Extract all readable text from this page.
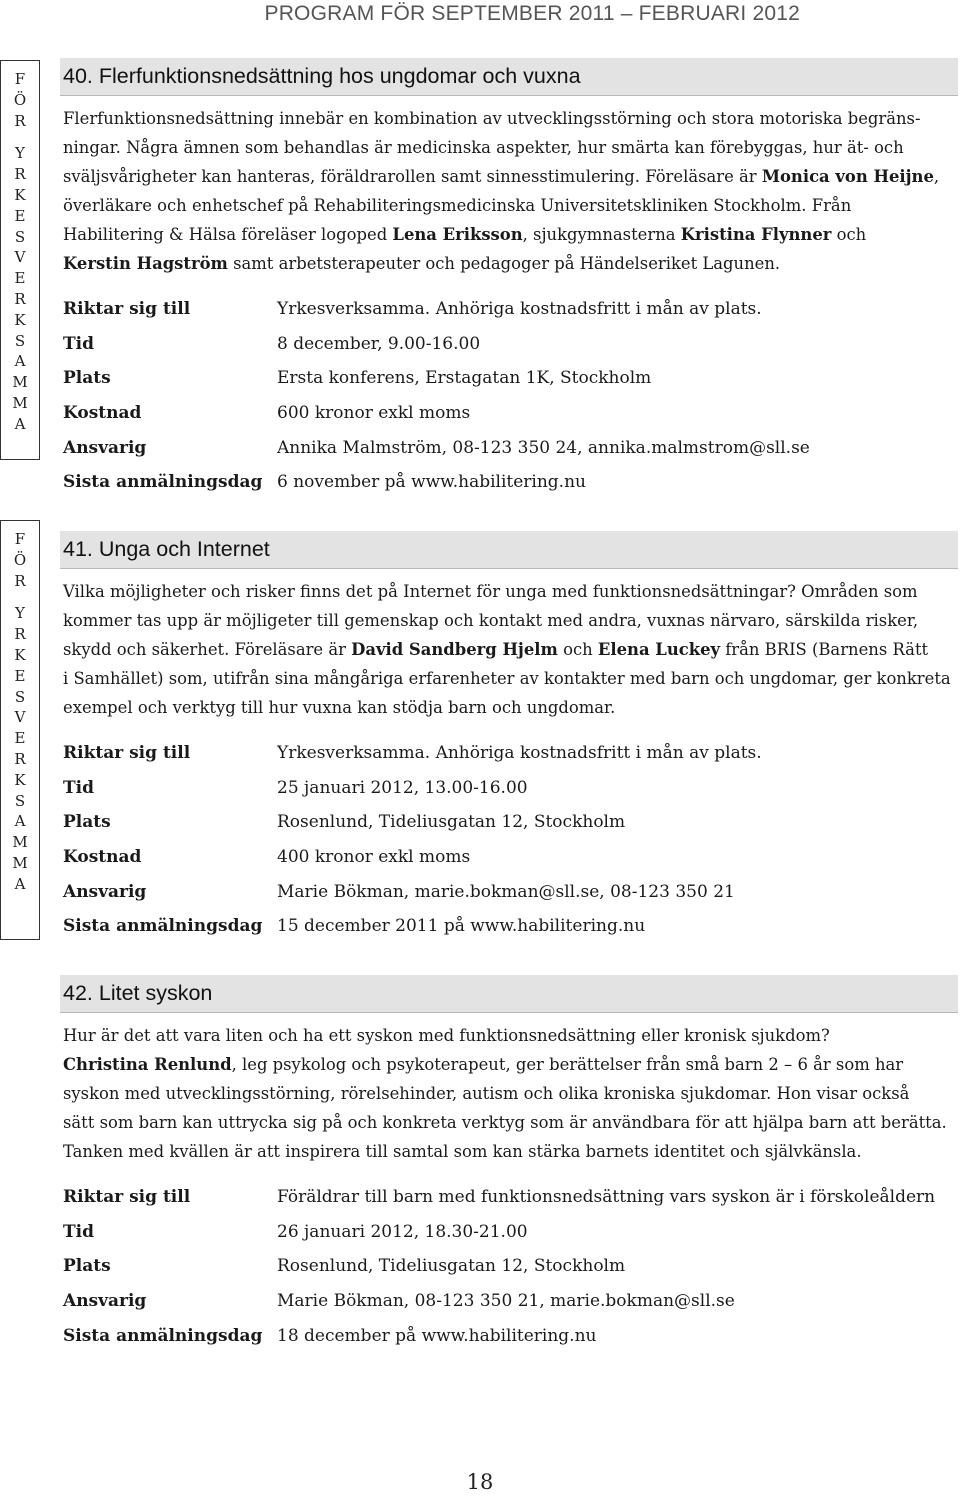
PROGRAM FÖR SEPTEMBER 2011 – FEBRUARI 2012
F
Ö
R
Y
R
K
E
S
V
E
R
K
S
A
M
M
A
F
Ö
R
Y
R
K
E
S
V
E
R
K
S
A
M
M
A
40. Flerfunktionsnedsättning hos ungdomar och vuxna
Flerfunktionsnedsättning innebär en kombination av utvecklingsstörning och stora motoriska begräns-
ningar. Några ämnen som behandlas är medicinska aspekter, hur smärta kan förebyggas, hur ät- och
sväljsvårigheter kan hanteras, föräldrarollen samt sinnesstimulering. Föreläsare är Monica von Heijne,
överläkare och enhetschef på Rehabiliteringsmedicinska Universitetskliniken Stockholm. Från
Habilitering & Hälsa föreläser logoped Lena Eriksson, sjukgymnasterna Kristina Flynner och
Kerstin Hagström samt arbetsterapeuter och pedagoger på Händelseriket Lagunen.
Riktar sig till	Yrkesverksamma. Anhöriga kostnadsfritt i mån av plats.
Tid	8 december, 9.00-16.00
Plats	Ersta konferens, Erstagatan 1K, Stockholm
Kostnad	600 kronor exkl moms
Ansvarig	Annika Malmström, 08-123 350 24, annika.malmstrom@sll.se
Sista anmälningsdag 6 november på www.habilitering.nu
41. Unga och Internet
Vilka möjligheter och risker finns det på Internet för unga med funktionsnedsättningar? Områden som
kommer tas upp är möjligeter till gemenskap och kontakt med andra, vuxnas närvaro, särskilda risker,
skydd och säkerhet. Föreläsare är David Sandberg Hjelm och Elena Luckey från BRIS (Barnens Rätt
i Samhället) som, utifrån sina mångåriga erfarenheter av kontakter med barn och ungdomar, ger konkreta
exempel och verktyg till hur vuxna kan stödja barn och ungdomar.
Riktar sig till	Yrkesverksamma. Anhöriga kostnadsfritt i mån av plats.
Tid	25 januari 2012, 13.00-16.00
Plats	Rosenlund, Tideliusgatan 12, Stockholm
Kostnad	400 kronor exkl moms
Ansvarig	Marie Bökman, marie.bokman@sll.se, 08-123 350 21
Sista anmälningsdag 15 december 2011 på www.habilitering.nu
42. Litet syskon
Hur är det att vara liten och ha ett syskon med funktionsnedsättning eller kronisk sjukdom?
Christina Renlund, leg psykolog och psykoterapeut, ger berättelser från små barn 2 – 6 år som har
syskon med utvecklingsstörning, rörelsehinder, autism och olika kroniska sjukdomar. Hon visar också
sätt som barn kan uttrycka sig på och konkreta verktyg som är användbara för att hjälpa barn att berätta.
Tanken med kvällen är att inspirera till samtal som kan stärka barnets identitet och självkänsla.
Riktar sig till	Föräldrar till barn med funktionsnedsättning vars syskon är i förskoleåldern
Tid	26 januari 2012, 18.30-21.00
Plats	Rosenlund, Tideliusgatan 12, Stockholm
Ansvarig	Marie Bökman, 08-123 350 21, marie.bokman@sll.se
Sista anmälningsdag 18 december på www.habilitering.nu
18
